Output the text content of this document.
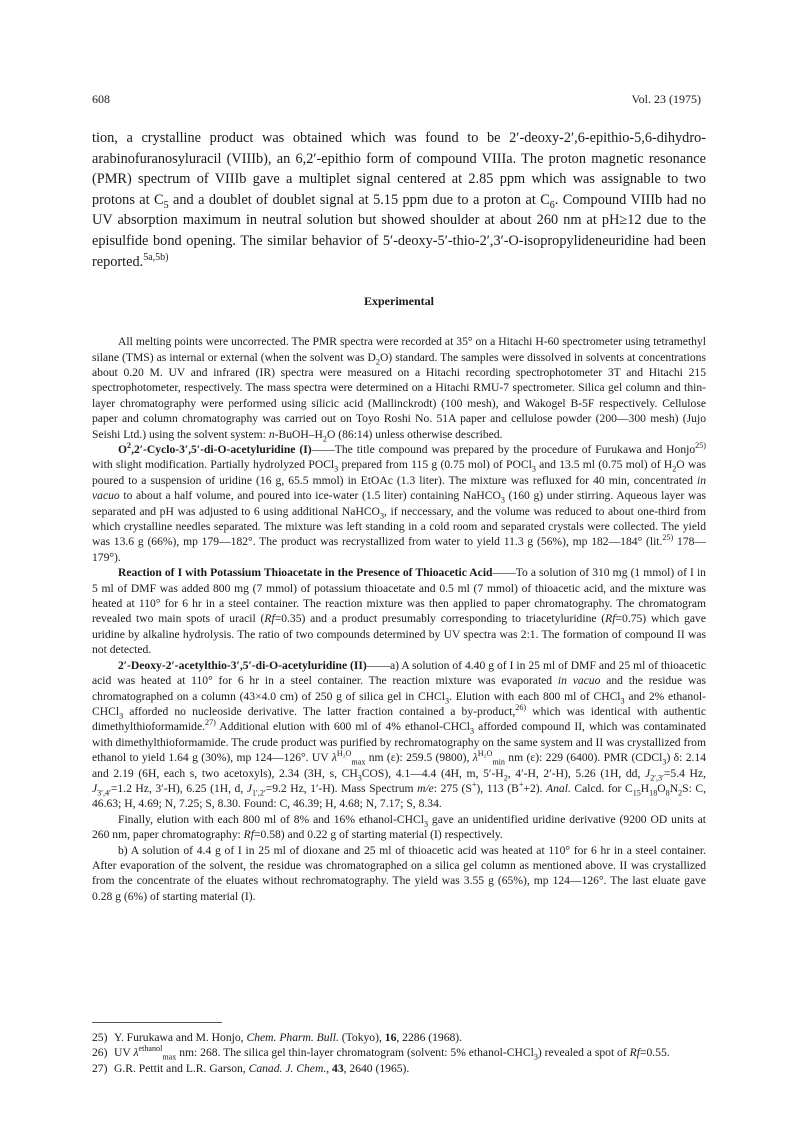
608	Vol. 23 (1975)

tion, a crystalline product was obtained which was found to be 2′-deoxy-2′,6-epithio-5,6-dihydro-arabinofuranosyluracil (VIIIb), an 6,2′-epithio form of compound VIIIa. The proton magnetic resonance (PMR) spectrum of VIIIb gave a multiplet signal centered at 2.85 ppm which was assignable to two protons at $C_5$ and a doublet of doublet signal at 5.15 ppm due to a proton at $C_6$. Compound VIIIb had no UV absorption maximum in neutral solution but showed shoulder at about 260 nm at pH≥12 due to the episulfide bond opening. The similar behavior of 5′-deoxy-5′-thio-2′,3′-O-isopropylideneuridine had been reported.$^{5a,5b)}$

Experimental

All melting points were uncorrected. The PMR spectra were recorded at 35° on a Hitachi H-60 spectrometer using tetramethyl silane (TMS) as internal or external (when the solvent was $D_2O$) standard. The samples were dissolved in solvents at concentrations about 0.20 M. UV and infrared (IR) spectra were measured on a Hitachi recording spectrophotometer 3T and Hitachi 215 spectrophotometer, respectively. The mass spectra were determined on a Hitachi RMU-7 spectrometer. Silica gel column and thin-layer chromatography were performed using silicic acid (Mallinckrodt) (100 mesh), and Wakogel B-5F respectively. Cellulose paper and column chromatography was carried out on Toyo Roshi No. 51A paper and cellulose powder (200—300 mesh) (Jujo Seishi Ltd.) using the solvent system: $n-BuOH-H_2O$ (86:14) unless otherwise described.

$O^2,2'-Cyclo-3',5'-di-O$-acetyluridine (I)——The title compound was prepared by the procedure of Furukawa and Honjo$^{25)}$ with slight modification. Partially hydrolyzed POCl$_3$ prepared from 115 g (0.75 mol) of POCl$_3$ and 13.5 ml (0.75 mol) of $H_2O$ was poured to a suspension of uridine (16 g, 65.5 mmol) in EtOAc (1.3 liter). The mixture was refluxed for 40 min, concentrated in vacuo to about a half volume, and poured into ice-water (1.5 liter) containing NaHCO$_3$ (160 g) under stirring. Aqueous layer was separated and pH was adjusted to 6 using additional NaHCO$_3$, if neccessary, and the volume was reduced to about one-third from which crystalline needles separated. The mixture was left standing in a cold room and separated crystals were collected. The yield was 13.6 g (66%), mp 179—182°. The product was recrystallized from water to yield 11.3 g (56%), mp 182—184° (lit.$^{25)}$ 178—179°).

Reaction of I with Potassium Thioacetate in the Presence of Thioacetic Acid——To a solution of 310 mg (1 mmol) of I in 5 ml of DMF was added 800 mg (7 mmol) of potassium thioacetate and 0.5 ml (7 mmol) of thioacetic acid, and the mixture was heated at 110° for 6 hr in a steel container. The reaction mixture was then applied to paper chromatography. The chromatogram revealed two main spots of uracil (Rf=0.35) and a product presumably corresponding to triacetyluridine (Rf=0.75) which gave uridine by alkaline hydrolysis. The ratio of two compounds determined by UV spectra was 2:1. The formation of compound II was not detected.

2′-Deoxy-2′-acetylthio-3′,5′-di-O-acetyluridine (II)——a) A solution of 4.40 g of I in 25 ml of DMF and 25 ml of thioacetic acid was heated at 110° for 6 hr in a steel container. The reaction mixture was evaporated in vacuo and the residue was chromatographed on a column (43×4.0 cm) of 250 g of silica gel in CHCl$_3$. Elution with each 800 ml of CHCl$_3$ and 2% ethanol-CHCl$_3$ afforded no nucleoside derivative. The latter fraction contained a by-product,$^{26)}$ which was identical with authentic dimethylthioformamide.$^{27)}$ Additional elution with 600 ml of 4% ethanol-CHCl$_3$ afforded compound II, which was contaminated with dimethylthioformamide. The crude product was purified by rechromatography on the same system and II was crystallized from ethanol to yield 1.64 g (30%), mp 124—126°. UV $\lambda^{H_2O}_{max}$ nm (ε): 259.5 (9800), $\lambda^{H_2O}_{min}$ nm (ε): 229 (6400). PMR (CDCl$_3$) δ: 2.14 and 2.19 (6H, each s, two acetoxyls), 2.34 (3H, s, $CH_3COS$), 4.1—4.4 (4H, m, $5'-H_2$, 4′-H, 2′-H), 5.26 (1H, dd, $J_{2',3'}=5.4$ Hz, $J_{3',4'}=1.2$ Hz, 3′-H), 6.25 (1H, d, $J_{1',2'}=9.2$ Hz, 1′-H). Mass Spectrum m/e: 275 (S+), 113 (B++2). Anal. Calcd. for $C_{15}H_{18}O_8N_2S$: C, 46.63; H, 4.69; N, 7.25; S, 8.30. Found: C, 46.39; H, 4.68; N, 7.17; S, 8.34.

Finally, elution with each 800 ml of 8% and 16% ethanol-CHCl$_3$ gave an unidentified uridine derivative (9200 OD units at 260 nm, paper chromatography: Rf=0.58) and 0.22 g of starting material (I) respectively.

b) A solution of 4.4 g of I in 25 ml of dioxane and 25 ml of thioacetic acid was heated at 110° for 6 hr in a steel container. After evaporation of the solvent, the residue was chromatographed on a silica gel column as mentioned above. II was crystallized from the concentrate of the eluates without rechromatography. The yield was 3.55 g (65%), mp 124—126°. The last eluate gave 0.28 g (6%) of starting material (I).

25) Y. Furukawa and M. Honjo, Chem. Pharm. Bull. (Tokyo), 16, 2286 (1968).

26) UV $\lambda^{ethanol}_{max}$ nm: 268. The silica gel thin-layer chromatogram (solvent: 5% ethanol-CHCl$_3$) revealed a spot of Rf=0.55.

27) G.R. Pettit and L.R. Garson, Canad. J. Chem., 43, 2640 (1965).
